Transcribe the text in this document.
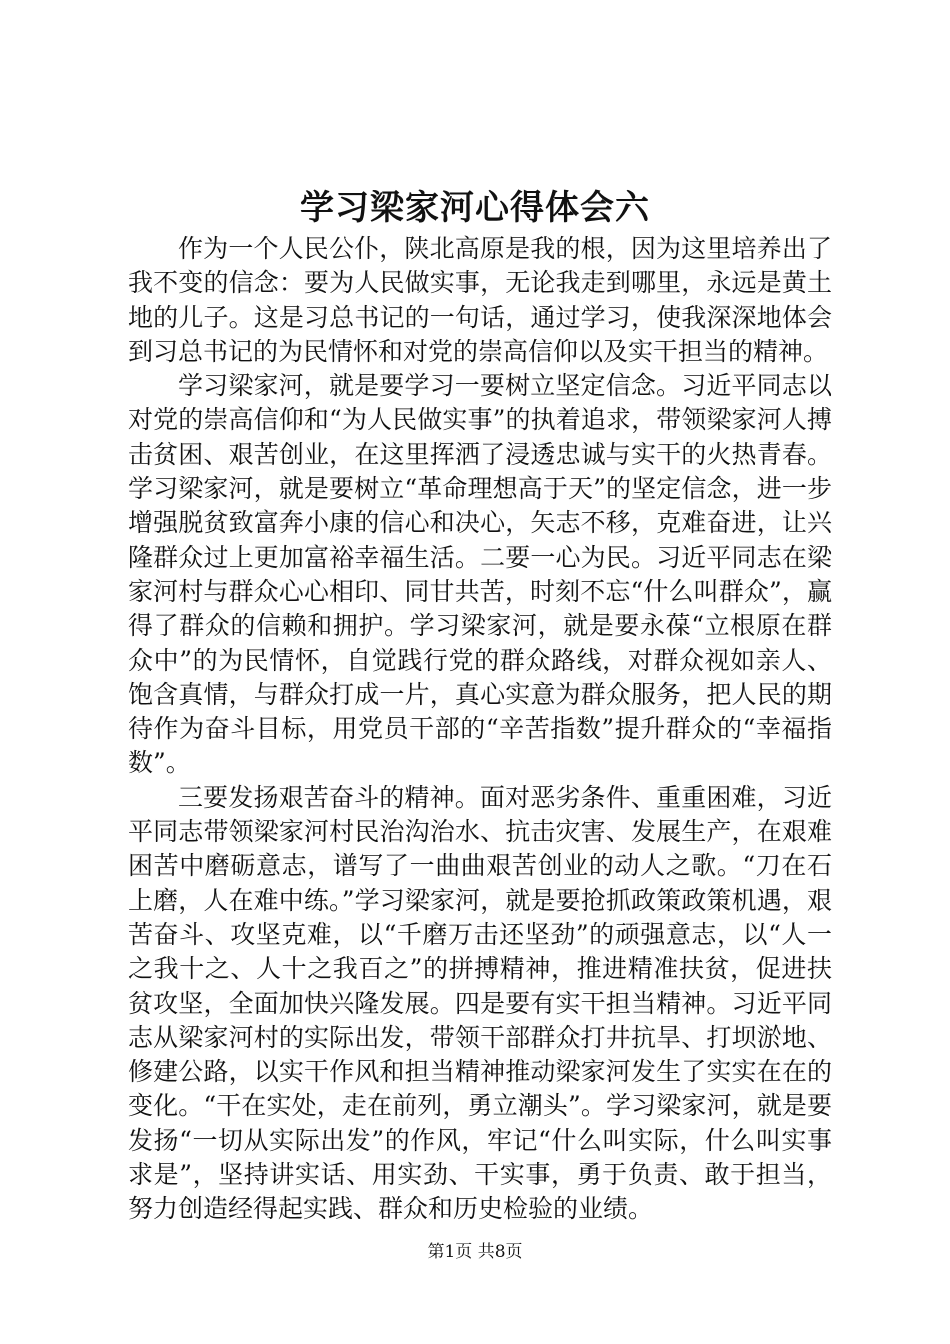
学习梁家河心得体会六

作为一个人民公仆，陕北高原是我的根，因为这里培养出了我不变的信念：要为人民做实事，无论我走到哪里，永远是黄土地的儿子。这是习总书记的一句话，通过学习，使我深深地体会到习总书记的为民情怀和对党的崇高信仰以及实干担当的精神。

学习梁家河，就是要学习一要树立坚定信念。习近平同志以对党的崇高信仰和“为人民做实事”的执着追求，带领梁家河人搏击贫困、艰苦创业，在这里挥洒了浸透忠诚与实干的火热青春。学习梁家河，就是要树立“革命理想高于天”的坚定信念，进一步增强脱贫致富奔小康的信心和决心，矢志不移，克难奋进，让兴隆群众过上更加富裕幸福生活。二要一心为民。习近平同志在梁家河村与群众心心相印、同甘共苦，时刻不忘“什么叫群众”，赢得了群众的信赖和拥护。学习梁家河，就是要永葆“立根原在群众中”的为民情怀，自觉践行党的群众路线，对群众视如亲人、饱含真情，与群众打成一片，真心实意为群众服务，把人民的期待作为奋斗目标，用党员干部的“辛苦指数”提升群众的“幸福指数”。

三要发扬艰苦奋斗的精神。面对恶劣条件、重重困难，习近平同志带领梁家河村民治沟治水、抗击灾害、发展生产，在艰难困苦中磨砺意志，谱写了一曲曲艰苦创业的动人之歌。“刀在石上磨，人在难中练。”学习梁家河，就是要抢抓政策政策机遇，艰苦奋斗、攻坚克难，以“千磨万击还坚劲”的顽强意志，以“人一之我十之、人十之我百之”的拼搏精神，推进精准扶贫，促进扶贫攻坚，全面加快兴隆发展。四是要有实干担当精神。习近平同志从梁家河村的实际出发，带领干部群众打井抗旱、打坝淤地、修建公路，以实干作风和担当精神推动梁家河发生了实实在在的变化。“干在实处，走在前列，勇立潮头”。学习梁家河，就是要发扬“一切从实际出发”的作风，牢记“什么叫实际，什么叫实事求是”，坚持讲实话、用实劲、干实事，勇于负责、敢于担当，努力创造经得起实践、群众和历史检验的业绩。

第1页 共8页
